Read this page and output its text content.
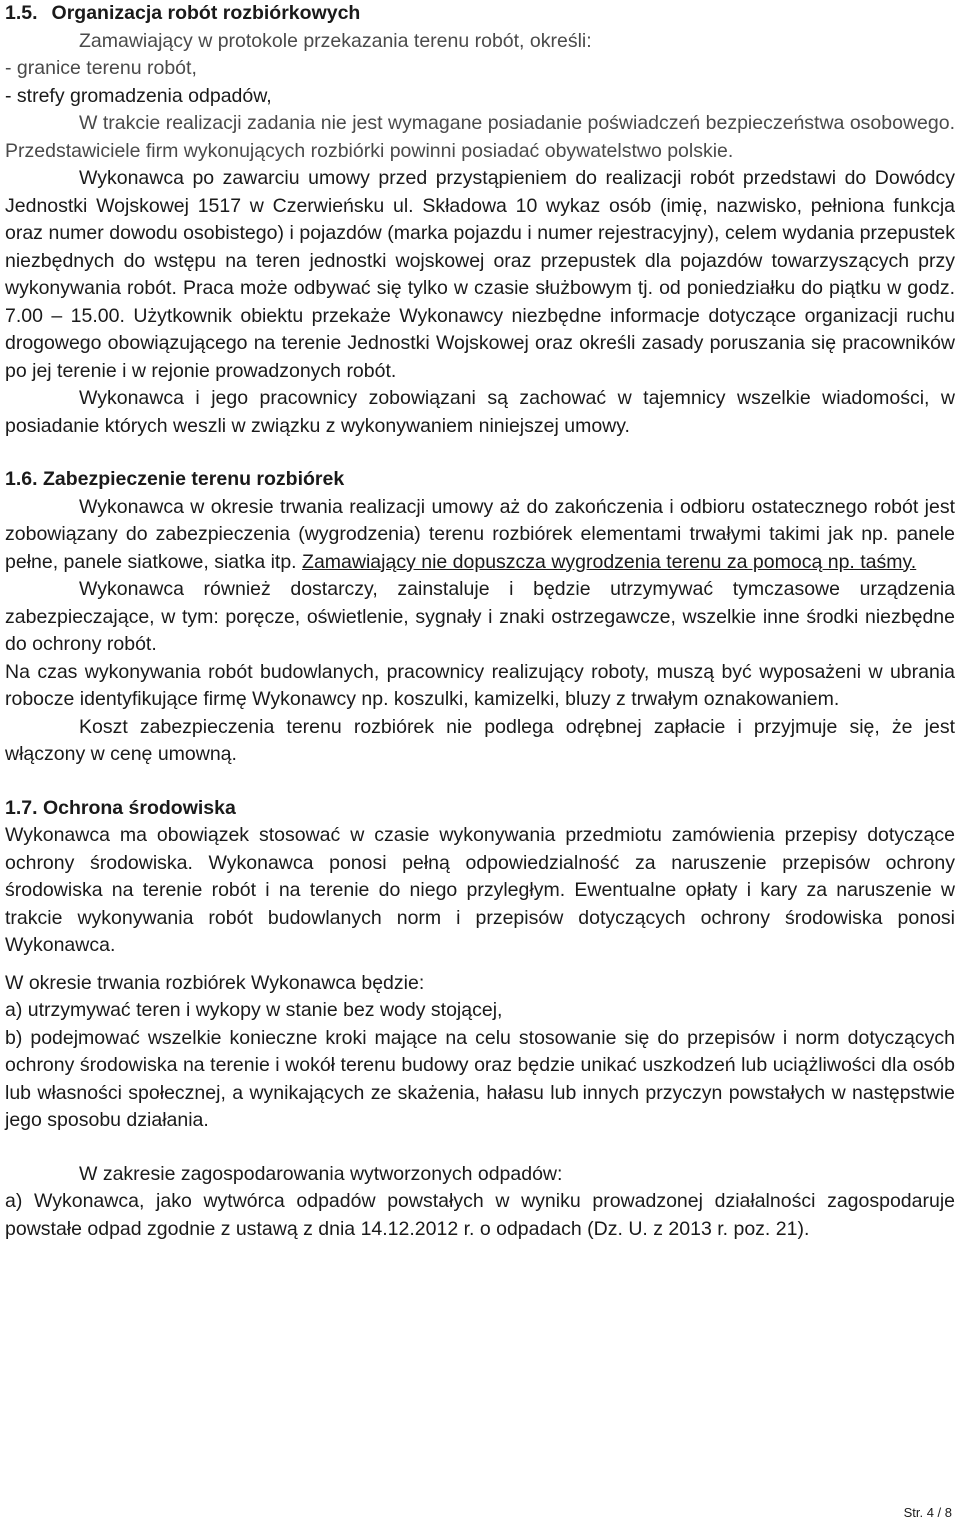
1.5. Organizacja robót rozbiórkowych

Zamawiający w protokole przekazania terenu robót, określi:

- granice terenu robót,

- strefy gromadzenia odpadów,

W trakcie realizacji zadania nie jest wymagane posiadanie poświadczeń bezpieczeństwa osobowego. Przedstawiciele firm wykonujących rozbiórki powinni posiadać obywatelstwo polskie.

Wykonawca po zawarciu umowy przed przystąpieniem do realizacji robót przedstawi do Dowódcy Jednostki Wojskowej 1517 w Czerwieńsku ul. Składowa 10 wykaz osób (imię, nazwisko, pełniona funkcja oraz numer dowodu osobistego) i pojazdów (marka pojazdu i numer rejestracyjny), celem wydania przepustek niezbędnych do wstępu na teren jednostki wojskowej oraz przepustek dla pojazdów towarzyszących przy wykonywania robót. Praca może odbywać się tylko w czasie służbowym tj. od poniedziałku do piątku w godz. 7.00 – 15.00. Użytkownik obiektu przekaże Wykonawcy niezbędne informacje dotyczące organizacji ruchu drogowego obowiązującego na terenie Jednostki Wojskowej oraz określi zasady poruszania się pracowników po jej terenie i w rejonie prowadzonych robót.

Wykonawca i jego pracownicy zobowiązani są zachować w tajemnicy wszelkie wiadomości, w posiadanie których weszli w związku z wykonywaniem niniejszej umowy.

1.6. Zabezpieczenie terenu rozbiórek

Wykonawca w okresie trwania realizacji umowy aż do zakończenia i odbioru ostatecznego robót jest zobowiązany do zabezpieczenia (wygrodzenia) terenu rozbiórek elementami trwałymi takimi jak np. panele pełne, panele siatkowe, siatka itp. Zamawiający nie dopuszcza wygrodzenia terenu za pomocą np. taśmy.

Wykonawca również dostarczy, zainstaluje i będzie utrzymywać tymczasowe urządzenia zabezpieczające, w tym: poręcze, oświetlenie, sygnały i znaki ostrzegawcze, wszelkie inne środki niezbędne do ochrony robót.

Na czas wykonywania robót budowlanych, pracownicy realizujący roboty, muszą być wyposażeni w ubrania robocze identyfikujące firmę Wykonawcy np. koszulki, kamizelki, bluzy z trwałym oznakowaniem.

Koszt zabezpieczenia terenu rozbiórek nie podlega odrębnej zapłacie i przyjmuje się, że jest włączony w cenę umowną.

1.7. Ochrona środowiska

Wykonawca ma obowiązek stosować w czasie wykonywania przedmiotu zamówienia przepisy dotyczące ochrony środowiska. Wykonawca ponosi pełną odpowiedzialność za naruszenie przepisów ochrony środowiska na terenie robót i na terenie do niego przyległym. Ewentualne opłaty i kary za naruszenie w trakcie wykonywania robót budowlanych norm i przepisów dotyczących ochrony środowiska ponosi Wykonawca.

W okresie trwania rozbiórek Wykonawca będzie:

a) utrzymywać teren i wykopy w stanie bez wody stojącej,

b) podejmować wszelkie konieczne kroki mające na celu stosowanie się do przepisów i norm dotyczących ochrony środowiska na terenie i wokół terenu budowy oraz będzie unikać uszkodzeń lub uciążliwości dla osób lub własności społecznej, a wynikających ze skażenia, hałasu lub innych przyczyn powstałych w następstwie jego sposobu działania.

W zakresie zagospodarowania wytworzonych odpadów:

a) Wykonawca, jako wytwórca odpadów powstałych w wyniku prowadzonej działalności zagospodaruje powstałe odpad zgodnie z ustawą z dnia 14.12.2012 r. o odpadach (Dz. U. z 2013 r. poz. 21).

Str. 4 / 8
